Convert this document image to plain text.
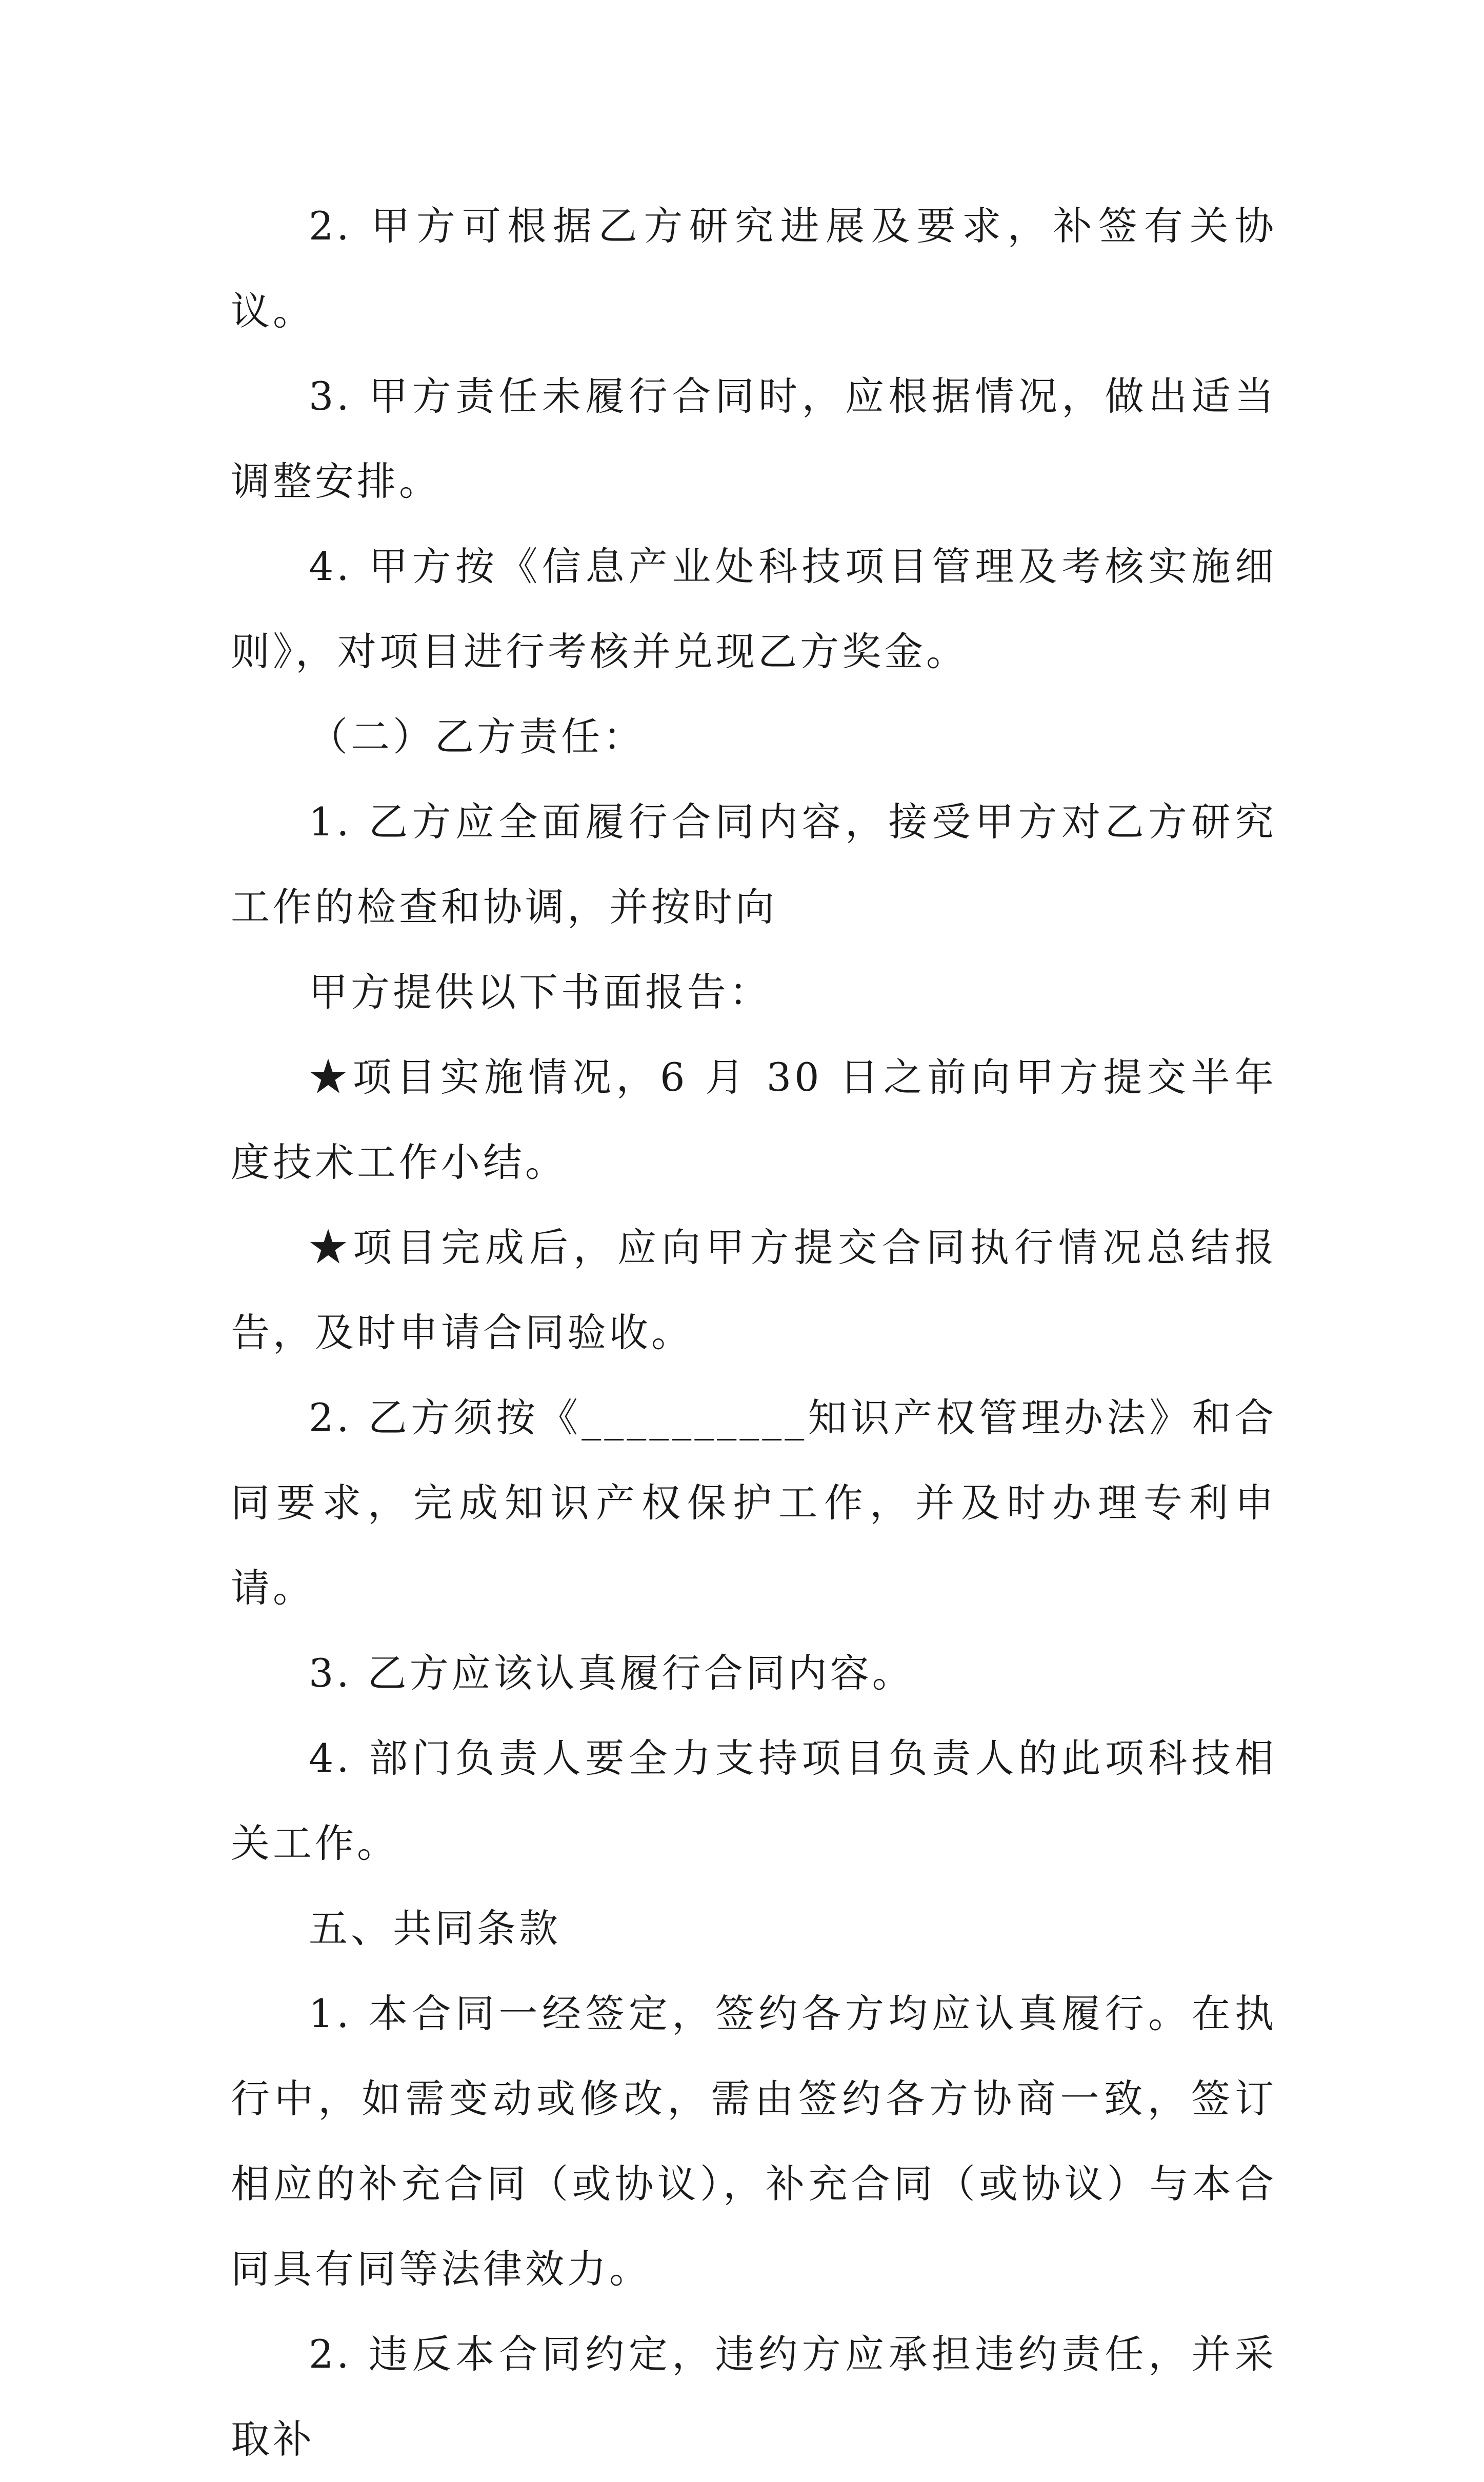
2. 甲方可根据乙方研究进展及要求，补签有关协议。

3. 甲方责任未履行合同时，应根据情况，做出适当调整安排。

4. 甲方按《信息产业处科技项目管理及考核实施细则》，对项目进行考核并兑现乙方奖金。

（二）乙方责任：

1. 乙方应全面履行合同内容，接受甲方对乙方研究工作的检查和协调，并按时向

甲方提供以下书面报告：

★项目实施情况，6 月 30 日之前向甲方提交半年度技术工作小结。

★项目完成后，应向甲方提交合同执行情况总结报告，及时申请合同验收。

2. 乙方须按《__________知识产权管理办法》和合同要求，完成知识产权保护工作，并及时办理专利申请。

3. 乙方应该认真履行合同内容。

4. 部门负责人要全力支持项目负责人的此项科技相关工作。

五、共同条款

1. 本合同一经签定，签约各方均应认真履行。在执行中，如需变动或修改，需由签约各方协商一致，签订相应的补充合同（或协议），补充合同（或协议）与本合同具有同等法律效力。

2. 违反本合同约定，违约方应承担违约责任，并采取补
